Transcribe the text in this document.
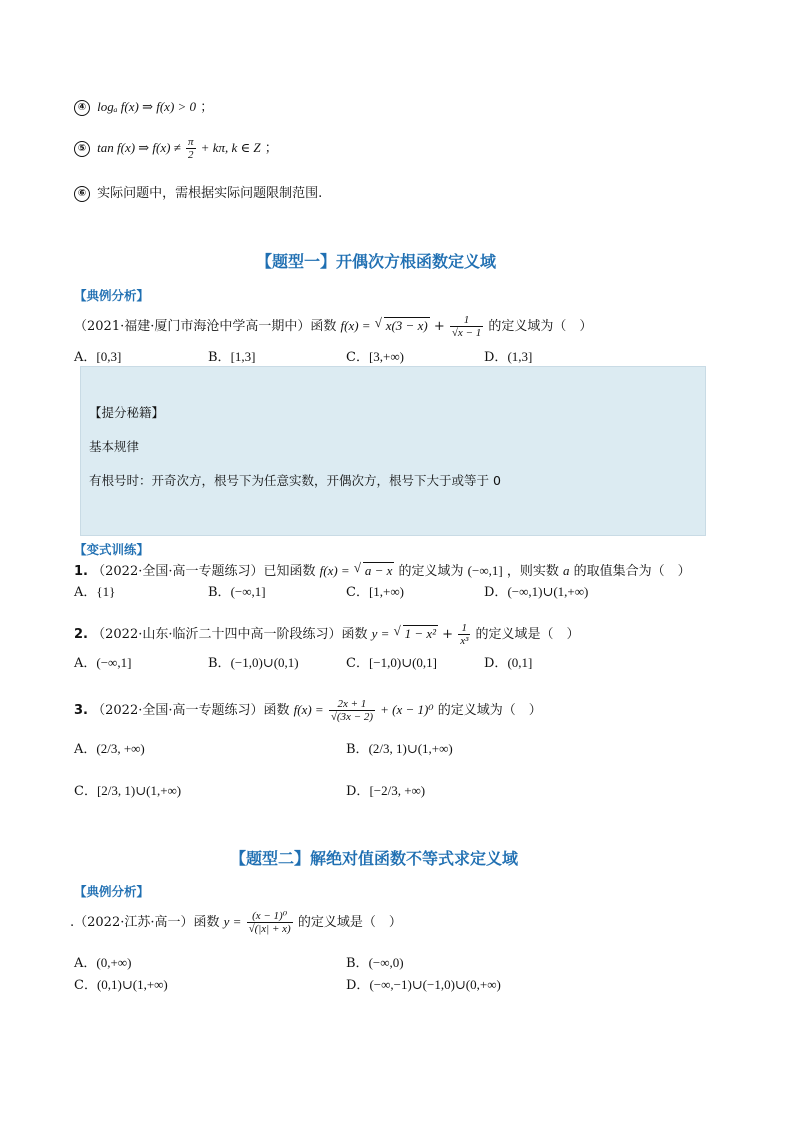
④ logₐ f(x) ⇒ f(x) > 0 ；
⑤ tan f(x) ⇒ $f(x) \ne \frac{\pi}{2} + k\pi$, k ∈ Z ；
⑥ 实际问题中，需根据实际问题限制范围.
【题型一】开偶次方根函数定义域
【典例分析】
（2021·福建·厦门市海沧中学高一期中）函数 f(x) = √ $x(3 - x) + \frac{1}{√x - 1}$ 的定义域为（　）
A．[0,3]	B．[1,3]	C．[3,+∞)	D．(1,3]
【提分秘籍】
基本规律
有根号时：开奇次方，根号下为任意实数，开偶次方，根号下大于或等于 0
【变式训练】
1. （2022·全国·高一专题练习）已知函数 f(x) = √ a − x 的定义域为 (−∞,1] ，则实数 a 的取值集合为（　）
A．{1}	B．(−∞,1]	C．[1,+∞)	D．(−∞,1)∪(1,+∞)
2. （2022·山东·临沂二十四中高一阶段练习）函数 y = √ $1 - x^2 + \frac{1}{\text{x³}}$ 的定义域是（　）
A．(−∞,1]	B．(−1,0)∪(0,1)	C．[−1,0)∪(0,1]	D．(0,1]
3. （2022·全国·高一专题练习）函数 $f(x) = \frac{2x + 1}{√(3x - 2)} + (x - 1)^0$ 的定义域为（　）
A．(2/3, +∞)	B．(2/3, 1)∪(1,+∞)
C．[2/3, 1)∪(1,+∞)	D．[−2/3, +∞)
【题型二】解绝对值函数不等式求定义域
【典例分析】
.（2022·江苏·高一）函数 $y = \frac{\text{(x − 1)⁰}}{√(|x| + x)}$ 的定义域是（　）
A．(0,+∞)	B．(−∞,0)
C．(0,1)∪(1,+∞)	D．(−∞,−1)∪(−1,0)∪(0,+∞)
